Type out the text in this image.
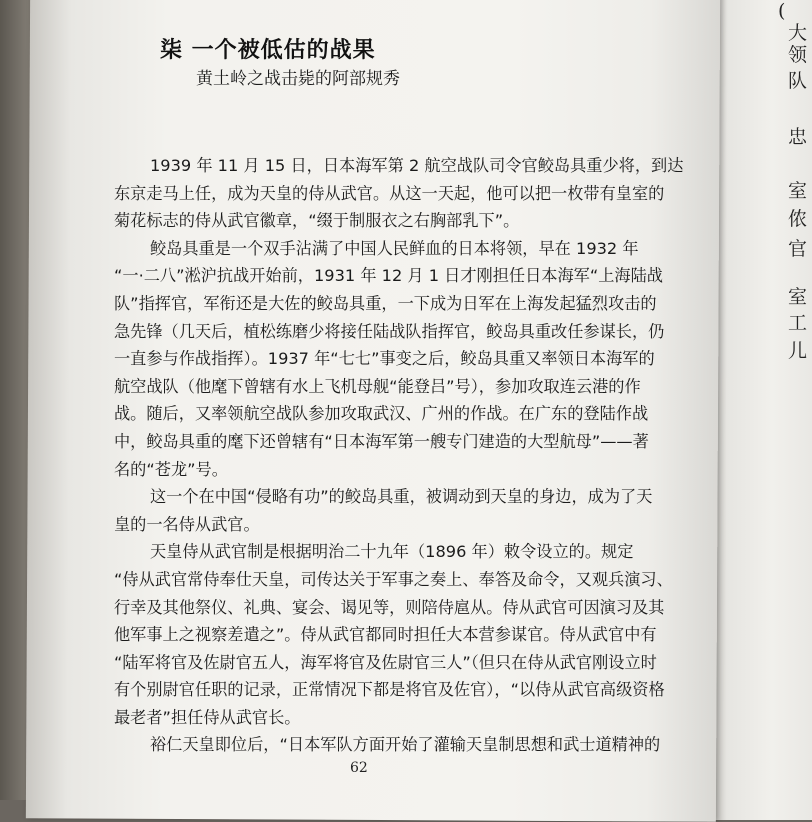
(
大
领
队
忠
室
侬
官
室
工
儿
柒 一个被低估的战果
黄土岭之战击毙的阿部规秀
1939 年 11 月 15 日，日本海军第 2 航空战队司令官鲛岛具重少将，到达
东京走马上任，成为天皇的侍从武官。从这一天起，他可以把一枚带有皇室的
菊花标志的侍从武官徽章，“缀于制服衣之右胸部乳下”。
鲛岛具重是一个双手沾满了中国人民鲜血的日本将领，早在 1932 年
“一·二八”淞沪抗战开始前，1931 年 12 月 1 日才刚担任日本海军“上海陆战
队”指挥官，军衔还是大佐的鲛岛具重，一下成为日军在上海发起猛烈攻击的
急先锋（几天后，植松练磨少将接任陆战队指挥官，鲛岛具重改任参谋长，仍
一直参与作战指挥）。1937 年“七七”事变之后，鲛岛具重又率领日本海军的
航空战队（他麾下曾辖有水上飞机母舰“能登吕”号），参加攻取连云港的作
战。随后，又率领航空战队参加攻取武汉、广州的作战。在广东的登陆作战
中，鲛岛具重的麾下还曾辖有“日本海军第一艘专门建造的大型航母”——著
名的“苍龙”号。
这一个在中国“侵略有功”的鲛岛具重，被调动到天皇的身边，成为了天
皇的一名侍从武官。
天皇侍从武官制是根据明治二十九年（1896 年）敕令设立的。规定
“侍从武官常侍奉仕天皇，司传达关于军事之奏上、奉答及命令，又观兵演习、
行幸及其他祭仪、礼典、宴会、谒见等，则陪侍扈从。侍从武官可因演习及其
他军事上之视察差遣之”。侍从武官都同时担任大本营参谋官。侍从武官中有
“陆军将官及佐尉官五人，海军将官及佐尉官三人”（但只在侍从武官刚设立时
有个别尉官任职的记录，正常情况下都是将官及佐官），“以侍从武官高级资格
最老者”担任侍从武官长。
裕仁天皇即位后，“日本军队方面开始了灌输天皇制思想和武士道精神的
62
